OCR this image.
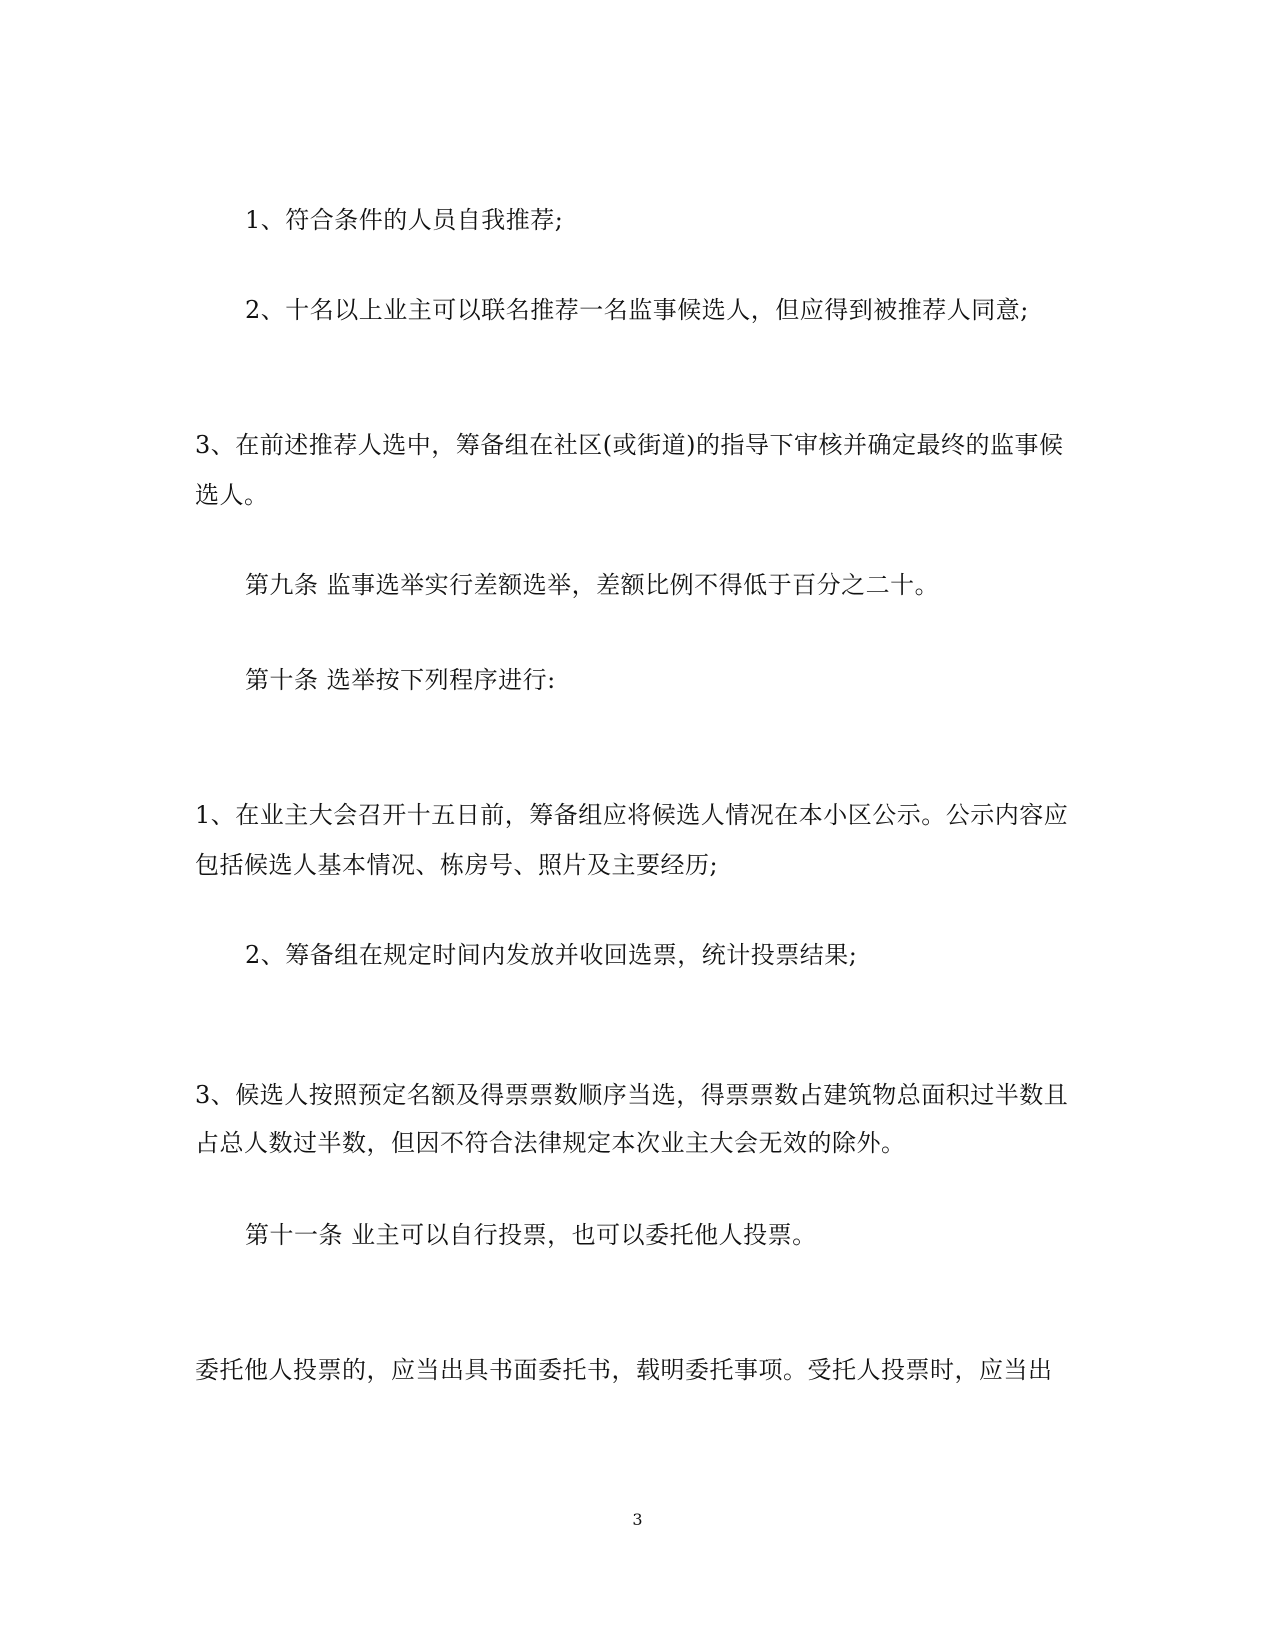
1、符合条件的人员自我推荐;
2、十名以上业主可以联名推荐一名监事候选人，但应得到被推荐人同意;
3、在前述推荐人选中，筹备组在社区(或街道)的指导下审核并确定最终的监事候
选人。
第九条 监事选举实行差额选举，差额比例不得低于百分之二十。
第十条 选举按下列程序进行:
1、在业主大会召开十五日前，筹备组应将候选人情况在本小区公示。公示内容应
包括候选人基本情况、栋房号、照片及主要经历;
2、筹备组在规定时间内发放并收回选票，统计投票结果;
3、候选人按照预定名额及得票票数顺序当选，得票票数占建筑物总面积过半数且
占总人数过半数，但因不符合法律规定本次业主大会无效的除外。
第十一条 业主可以自行投票，也可以委托他人投票。
委托他人投票的，应当出具书面委托书，载明委托事项。受托人投票时，应当出
3
